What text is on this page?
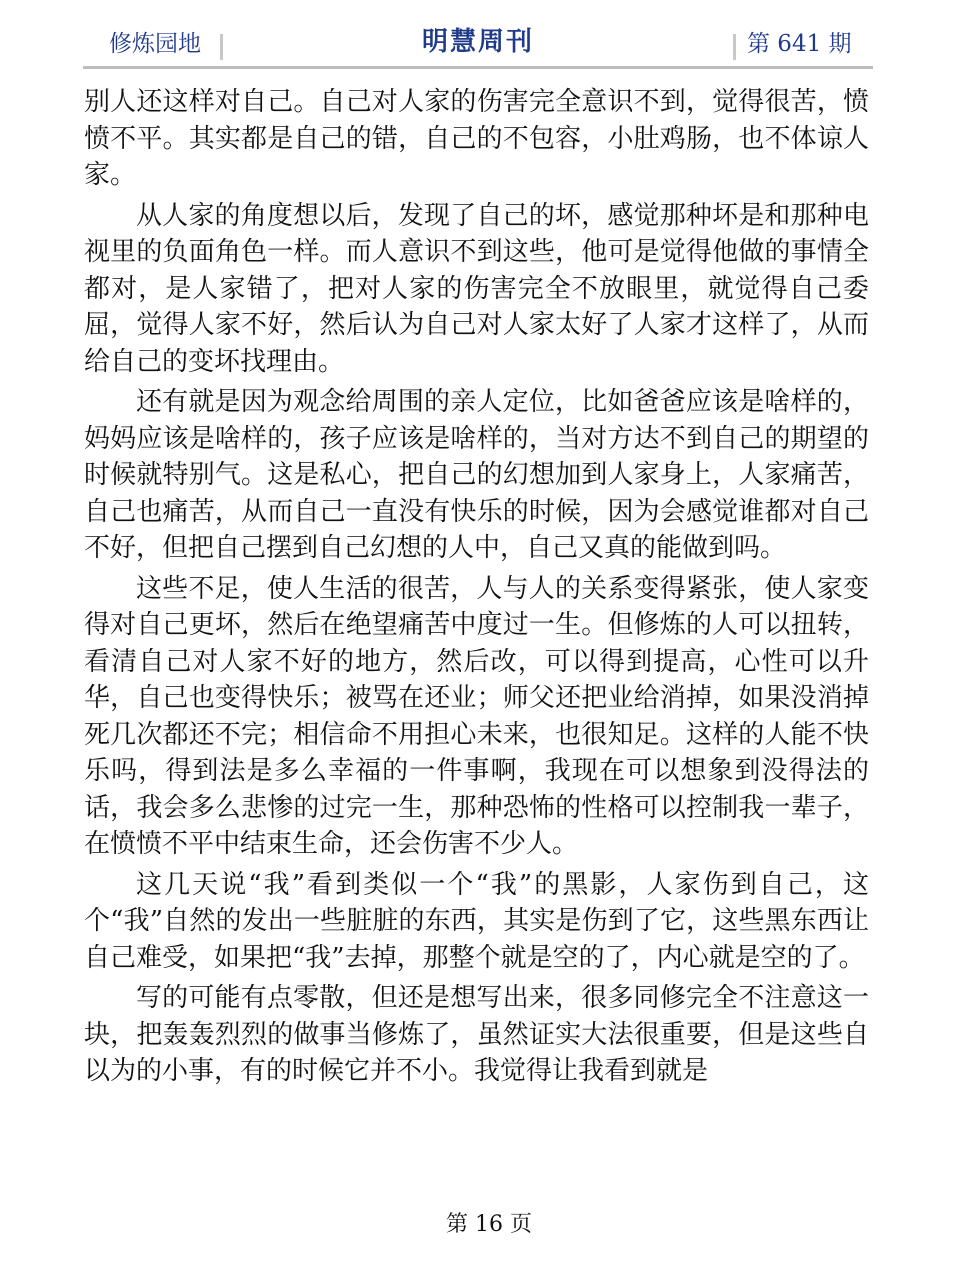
修炼园地	明慧周刊	第 641 期

别人还这样对自己。自己对人家的伤害完全意识不到，觉得很苦，愤愤不平。其实都是自己的错，自己的不包容，小肚鸡肠，也不体谅人家。

从人家的角度想以后，发现了自己的坏，感觉那种坏是和那种电视里的负面角色一样。而人意识不到这些，他可是觉得他做的事情全都对，是人家错了，把对人家的伤害完全不放眼里，就觉得自己委屈，觉得人家不好，然后认为自己对人家太好了人家才这样了，从而给自己的变坏找理由。

还有就是因为观念给周围的亲人定位，比如爸爸应该是啥样的，妈妈应该是啥样的，孩子应该是啥样的，当对方达不到自己的期望的时候就特别气。这是私心，把自己的幻想加到人家身上，人家痛苦，自己也痛苦，从而自己一直没有快乐的时候，因为会感觉谁都对自己不好，但把自己摆到自己幻想的人中，自己又真的能做到吗。

这些不足，使人生活的很苦，人与人的关系变得紧张，使人家变得对自己更坏，然后在绝望痛苦中度过一生。但修炼的人可以扭转，看清自己对人家不好的地方，然后改，可以得到提高，心性可以升华，自己也变得快乐；被骂在还业；师父还把业给消掉，如果没消掉死几次都还不完；相信命不用担心未来，也很知足。这样的人能不快乐吗，得到法是多么幸福的一件事啊，我现在可以想象到没得法的话，我会多么悲惨的过完一生，那种恐怖的性格可以控制我一辈子，在愤愤不平中结束生命，还会伤害不少人。

这几天说“我”看到类似一个“我”的黑影，人家伤到自己，这个“我”自然的发出一些脏脏的东西，其实是伤到了它，这些黑东西让自己难受，如果把“我”去掉，那整个就是空的了，内心就是空的了。

写的可能有点零散，但还是想写出来，很多同修完全不注意这一块，把轰轰烈烈的做事当修炼了，虽然证实大法很重要，但是这些自以为的小事，有的时候它并不小。我觉得让我看到就是

第 16 页
